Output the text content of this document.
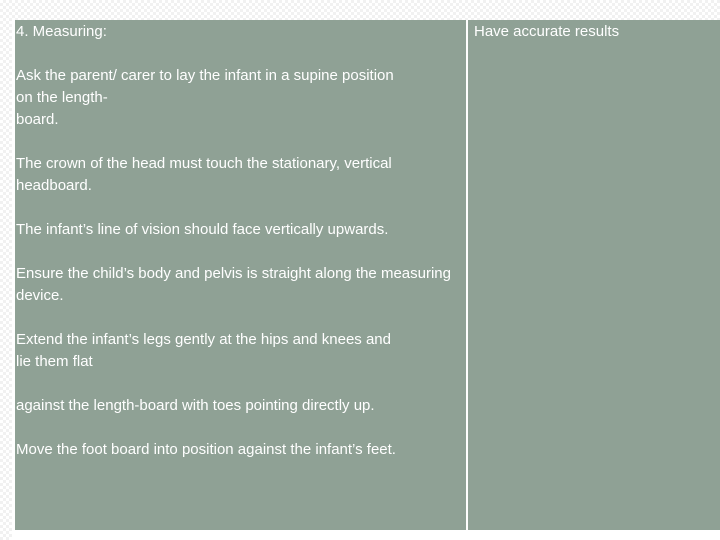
4. Measuring:

Ask the parent/ carer to lay the infant in a supine position
on the length-
board.

The crown of the head must touch the stationary, vertical headboard.

The infant’s line of vision should face vertically upwards.

Ensure the child’s body and pelvis is straight along the measuring device.

Extend the infant’s legs gently at the hips and knees and
lie them flat

against the length-board with toes pointing directly up.

Move the foot board into position against the infant’s feet.

Have accurate results
